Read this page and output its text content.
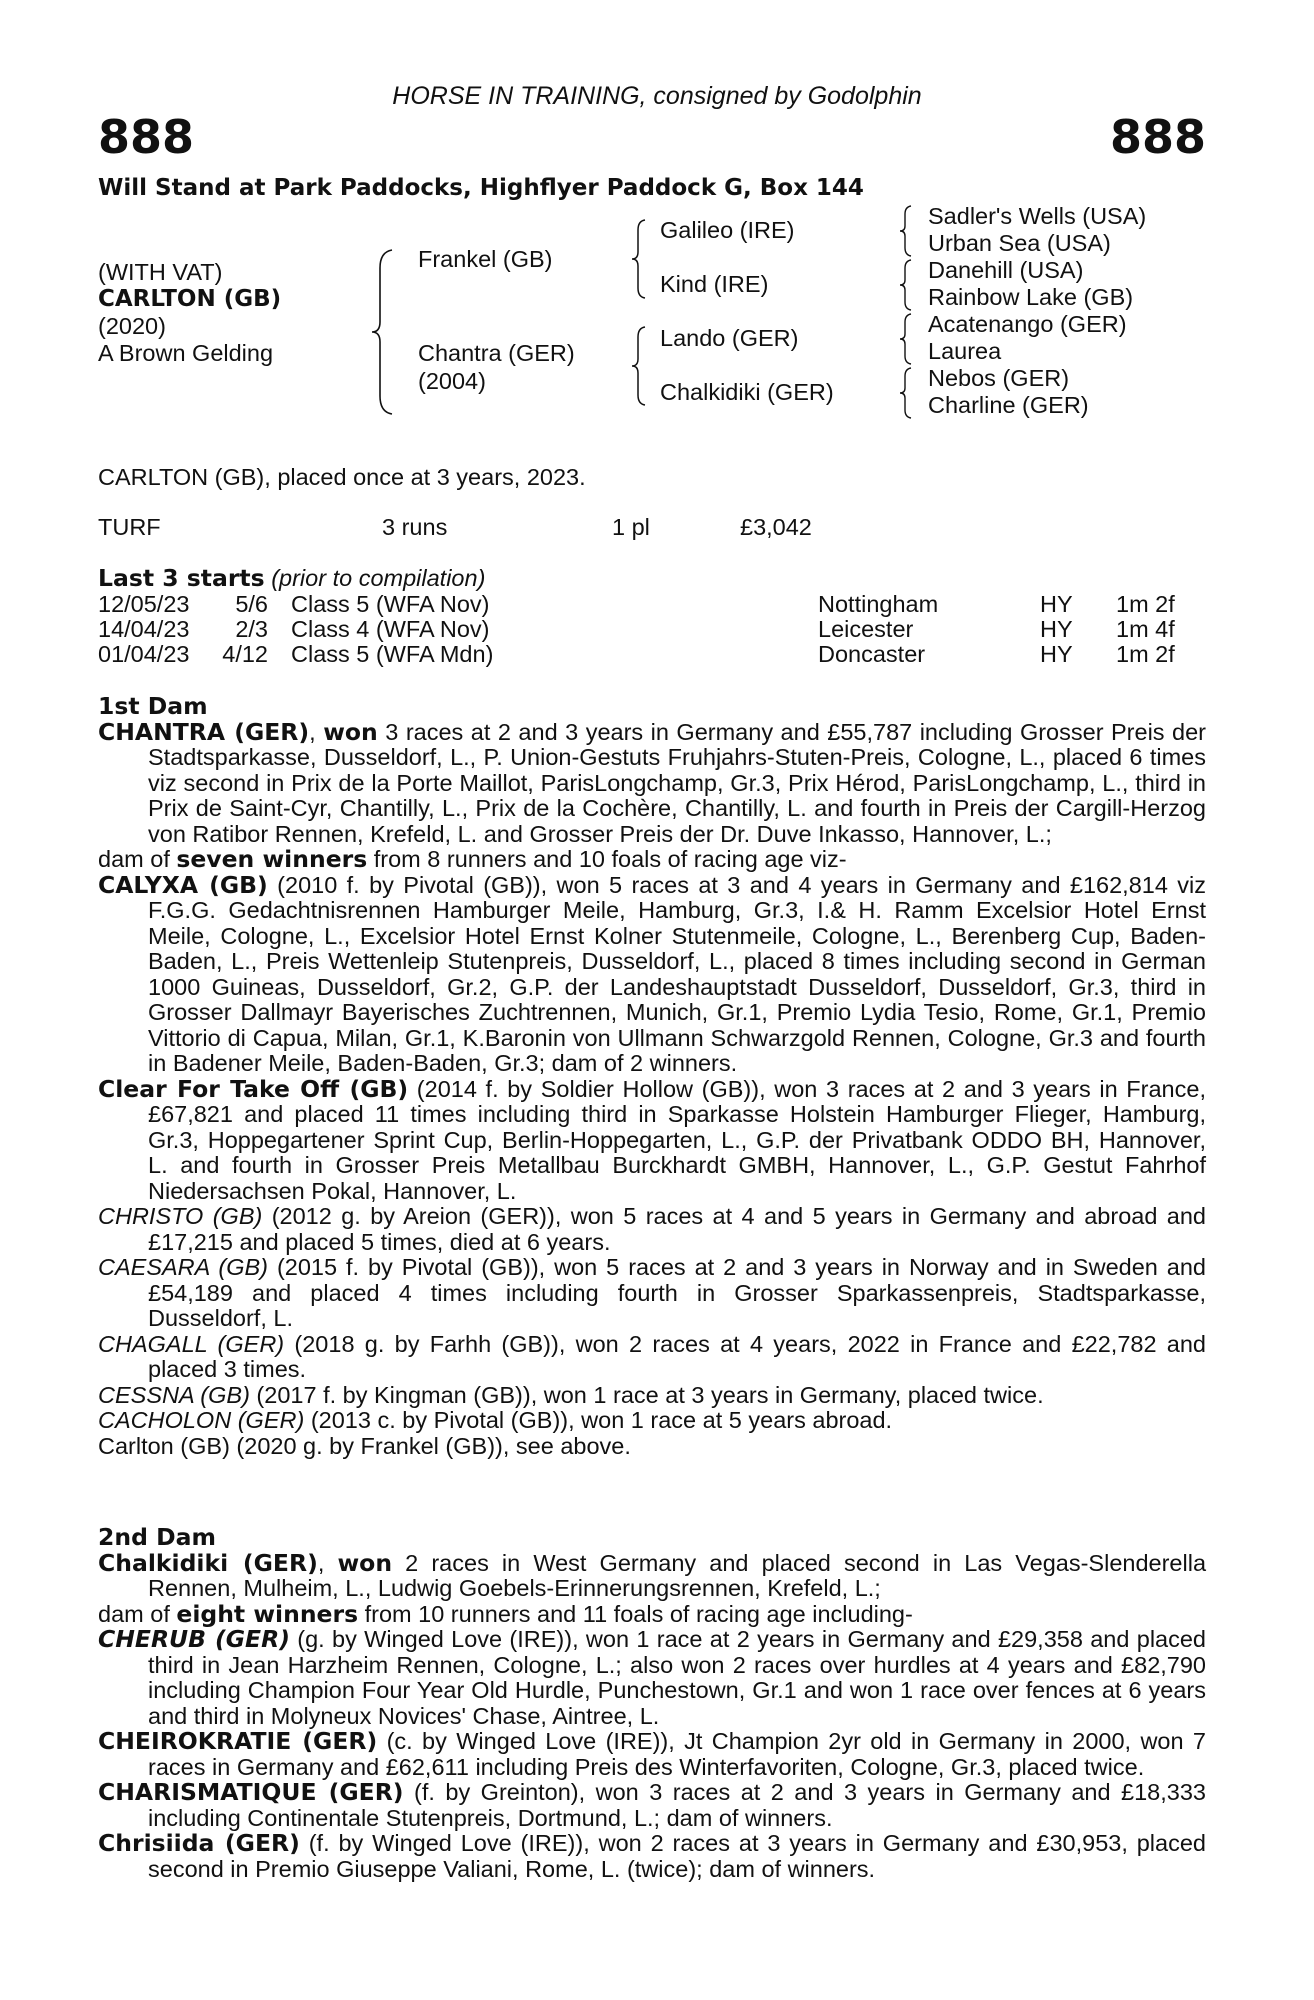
HORSE IN TRAINING, consigned by Godolphin
888	888
Will Stand at Park Paddocks, Highflyer Paddock G, Box 144
(WITH VAT)
CARLTON (GB)
(2020)
A Brown Gelding
Frankel (GB)
Chantra (GER)
(2004)
Galileo (IRE)
Kind (IRE)
Lando (GER)
Chalkidiki (GER)
Sadler's Wells (USA)
Urban Sea (USA)
Danehill (USA)
Rainbow Lake (GB)
Acatenango (GER)
Laurea
Nebos (GER)
Charline (GER)
CARLTON (GB), placed once at 3 years, 2023.
TURF	3 runs	1 pl	£3,042
Last 3 starts (prior to compilation)
12/05/23	5/6 Class 5 (WFA Nov)	Nottingham	HY 1m 2f
14/04/23	2/3 Class 4 (WFA Nov)	Leicester	HY 1m 4f
01/04/23	4/12 Class 5 (WFA Mdn)	Doncaster	HY 1m 2f
1st Dam

CHANTRA (GER), won 3 races at 2 and 3 years in Germany and £55,787 including Grosser Preis der Stadtsparkasse, Dusseldorf, L., P. Union-Gestuts Fruhjahrs-Stuten-Preis, Cologne, L., placed 6 times viz second in Prix de la Porte Maillot, ParisLongchamp, Gr.3, Prix Hérod, ParisLongchamp, L., third in Prix de Saint-Cyr, Chantilly, L., Prix de la Cochère, Chantilly, L. and fourth in Preis der Cargill-Herzog von Ratibor Rennen, Krefeld, L. and Grosser Preis der Dr. Duve Inkasso, Hannover, L.;

dam of seven winners from 8 runners and 10 foals of racing age viz-

CALYXA (GB) (2010 f. by Pivotal (GB)), won 5 races at 3 and 4 years in Germany and £162,814 viz F.G.G. Gedachtnisrennen Hamburger Meile, Hamburg, Gr.3, I.& H. Ramm Excelsior Hotel Ernst Meile, Cologne, L., Excelsior Hotel Ernst Kolner Stutenmeile, Cologne, L., Berenberg Cup, Baden-Baden, L., Preis Wettenleip Stutenpreis, Dusseldorf, L., placed 8 times including second in German 1000 Guineas, Dusseldorf, Gr.2, G.P. der Landeshauptstadt Dusseldorf, Dusseldorf, Gr.3, third in Grosser Dallmayr Bayerisches Zuchtrennen, Munich, Gr.1, Premio Lydia Tesio, Rome, Gr.1, Premio Vittorio di Capua, Milan, Gr.1, K.Baronin von Ullmann Schwarzgold Rennen, Cologne, Gr.3 and fourth in Badener Meile, Baden-Baden, Gr.3; dam of 2 winners.

Clear For Take Off (GB) (2014 f. by Soldier Hollow (GB)), won 3 races at 2 and 3 years in France, £67,821 and placed 11 times including third in Sparkasse Holstein Hamburger Flieger, Hamburg, Gr.3, Hoppegartener Sprint Cup, Berlin-Hoppegarten, L., G.P. der Privatbank ODDO BH, Hannover, L. and fourth in Grosser Preis Metallbau Burckhardt GMBH, Hannover, L., G.P. Gestut Fahrhof Niedersachsen Pokal, Hannover, L.

CHRISTO (GB) (2012 g. by Areion (GER)), won 5 races at 4 and 5 years in Germany and abroad and £17,215 and placed 5 times, died at 6 years.

CAESARA (GB) (2015 f. by Pivotal (GB)), won 5 races at 2 and 3 years in Norway and in Sweden and £54,189 and placed 4 times including fourth in Grosser Sparkassenpreis, Stadtsparkasse, Dusseldorf, L.

CHAGALL (GER) (2018 g. by Farhh (GB)), won 2 races at 4 years, 2022 in France and £22,782 and placed 3 times.

CESSNA (GB) (2017 f. by Kingman (GB)), won 1 race at 3 years in Germany, placed twice.

CACHOLON (GER) (2013 c. by Pivotal (GB)), won 1 race at 5 years abroad.

Carlton (GB) (2020 g. by Frankel (GB)), see above.

2nd Dam

Chalkidiki (GER), won 2 races in West Germany and placed second in Las Vegas-Slenderella Rennen, Mulheim, L., Ludwig Goebels-Erinnerungsrennen, Krefeld, L.;

dam of eight winners from 10 runners and 11 foals of racing age including-

CHERUB (GER) (g. by Winged Love (IRE)), won 1 race at 2 years in Germany and £29,358 and placed third in Jean Harzheim Rennen, Cologne, L.; also won 2 races over hurdles at 4 years and £82,790 including Champion Four Year Old Hurdle, Punchestown, Gr.1 and won 1 race over fences at 6 years and third in Molyneux Novices' Chase, Aintree, L.

CHEIROKRATIE (GER) (c. by Winged Love (IRE)), Jt Champion 2yr old in Germany in 2000, won 7 races in Germany and £62,611 including Preis des Winterfavoriten, Cologne, Gr.3, placed twice.

CHARISMATIQUE (GER) (f. by Greinton), won 3 races at 2 and 3 years in Germany and £18,333 including Continentale Stutenpreis, Dortmund, L.; dam of winners.

Chrisiida (GER) (f. by Winged Love (IRE)), won 2 races at 3 years in Germany and £30,953, placed second in Premio Giuseppe Valiani, Rome, L. (twice); dam of winners.
